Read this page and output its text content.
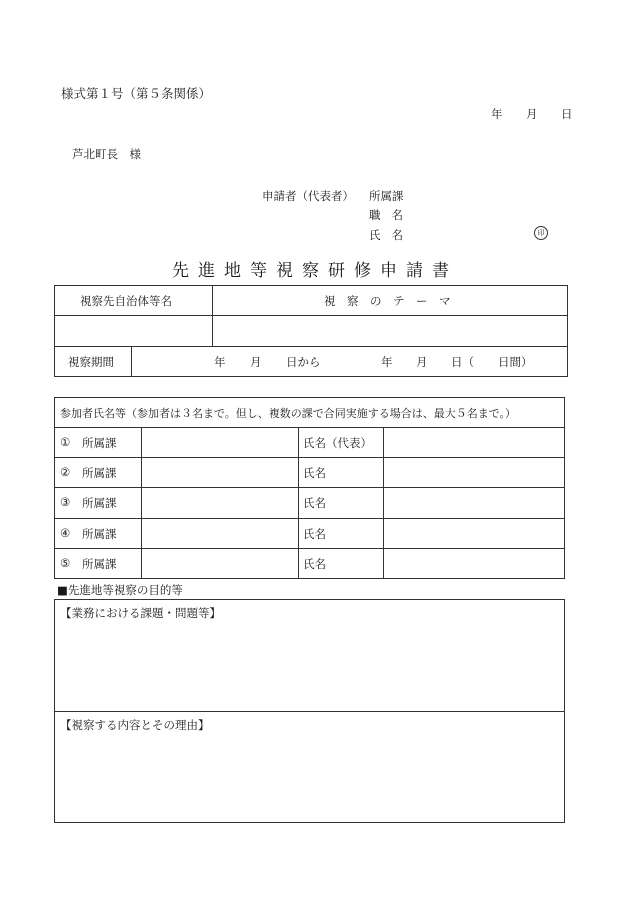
様式第１号（第５条関係）
年 月 日
芦北町長　様
申請者（代表者） 所属課
職名
氏名	印
先進地等視察研修申請書
視察先自治体等名	視　察　の　テ　ー　マ
視察期間	年 月 日から	年 月 日（ 日間）
参加者氏名等（参加者は３名まで。但し、複数の課で合同実施する場合は、最大５名まで。）
① 所属課	氏名（代表）
② 所属課	氏名
③ 所属課	氏名
④ 所属課	氏名
⑤ 所属課	氏名
■先進地等視察の目的等
【業務における課題・問題等】
【視察する内容とその理由】
